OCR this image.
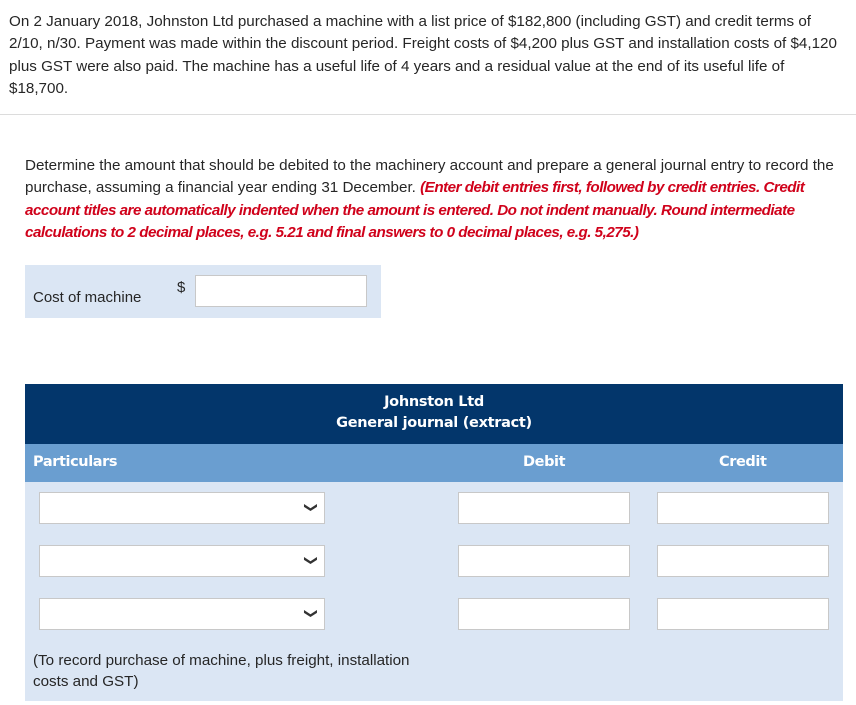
On 2 January 2018, Johnston Ltd purchased a machine with a list price of $182,800 (including GST) and credit terms of 2/10, n/30. Payment was made within the discount period. Freight costs of $4,200 plus GST and installation costs of $4,120 plus GST were also paid. The machine has a useful life of 4 years and a residual value at the end of its useful life of $18,700.
Determine the amount that should be debited to the machinery account and prepare a general journal entry to record the purchase, assuming a financial year ending 31 December. (Enter debit entries first, followed by credit entries. Credit account titles are automatically indented when the amount is entered. Do not indent manually. Round intermediate calculations to 2 decimal places, e.g. 5.21 and final answers to 0 decimal places, e.g. 5,275.)
Cost of machine
$
Johnston Ltd
General journal (extract)
Particulars	Debit	Credit
❯
❯
❯
(To record purchase of machine, plus freight, installation costs and GST)
